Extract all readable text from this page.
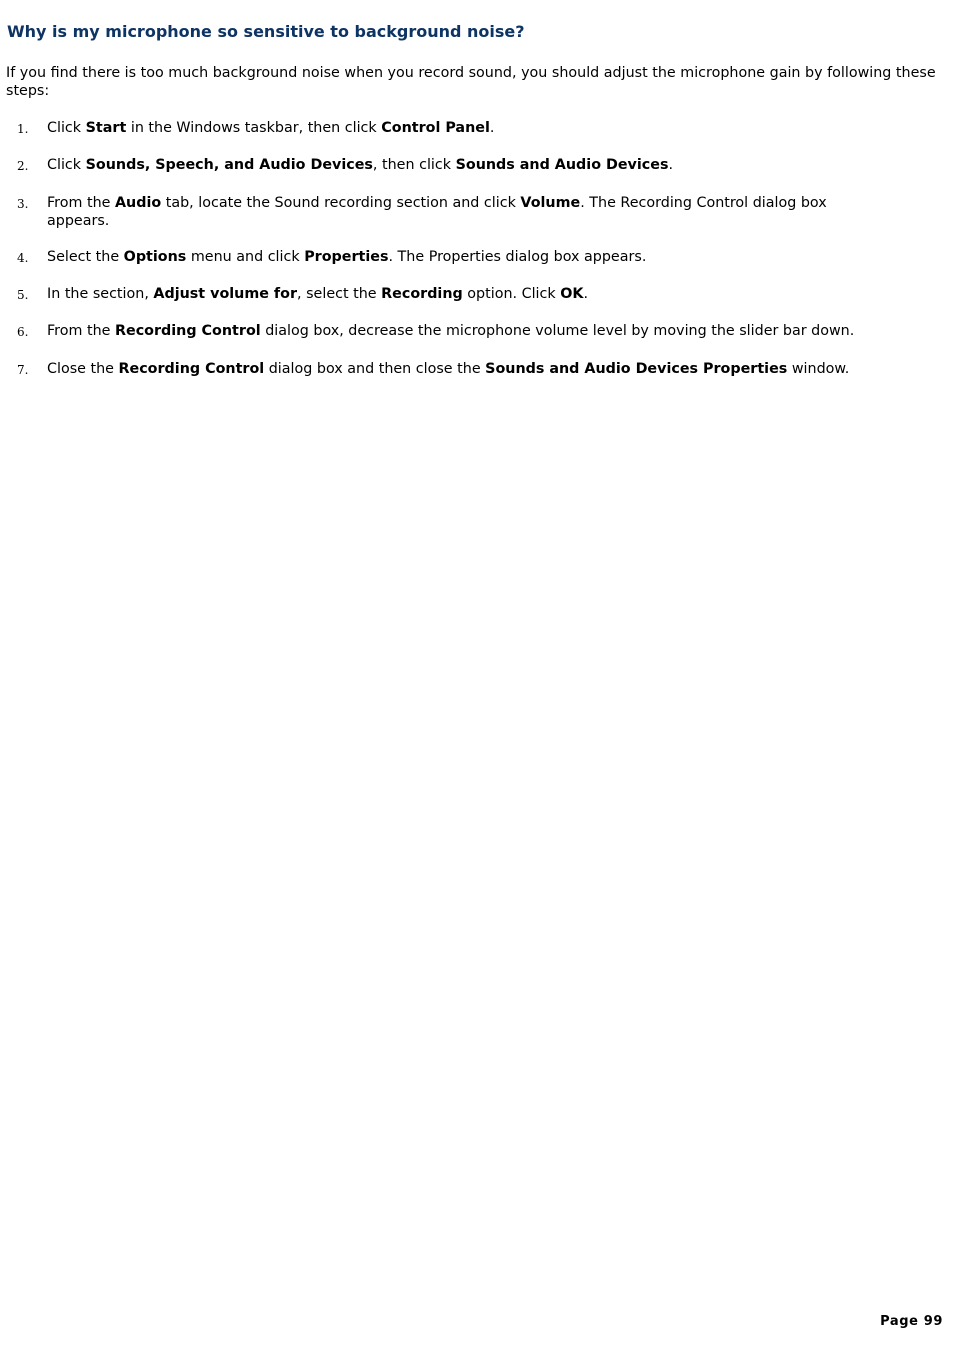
Why is my microphone so sensitive to background noise?

If you find there is too much background noise when you record sound, you should adjust the microphone gain by following these steps:

1. Click Start in the Windows taskbar, then click Control Panel.
2. Click Sounds, Speech, and Audio Devices, then click Sounds and Audio Devices.
3. From the Audio tab, locate the Sound recording section and click Volume. The Recording Control dialog box appears.
4. Select the Options menu and click Properties. The Properties dialog box appears.
5. In the section, Adjust volume for, select the Recording option. Click OK.
6. From the Recording Control dialog box, decrease the microphone volume level by moving the slider bar down.
7. Close the Recording Control dialog box and then close the Sounds and Audio Devices Properties window.
Page 99
